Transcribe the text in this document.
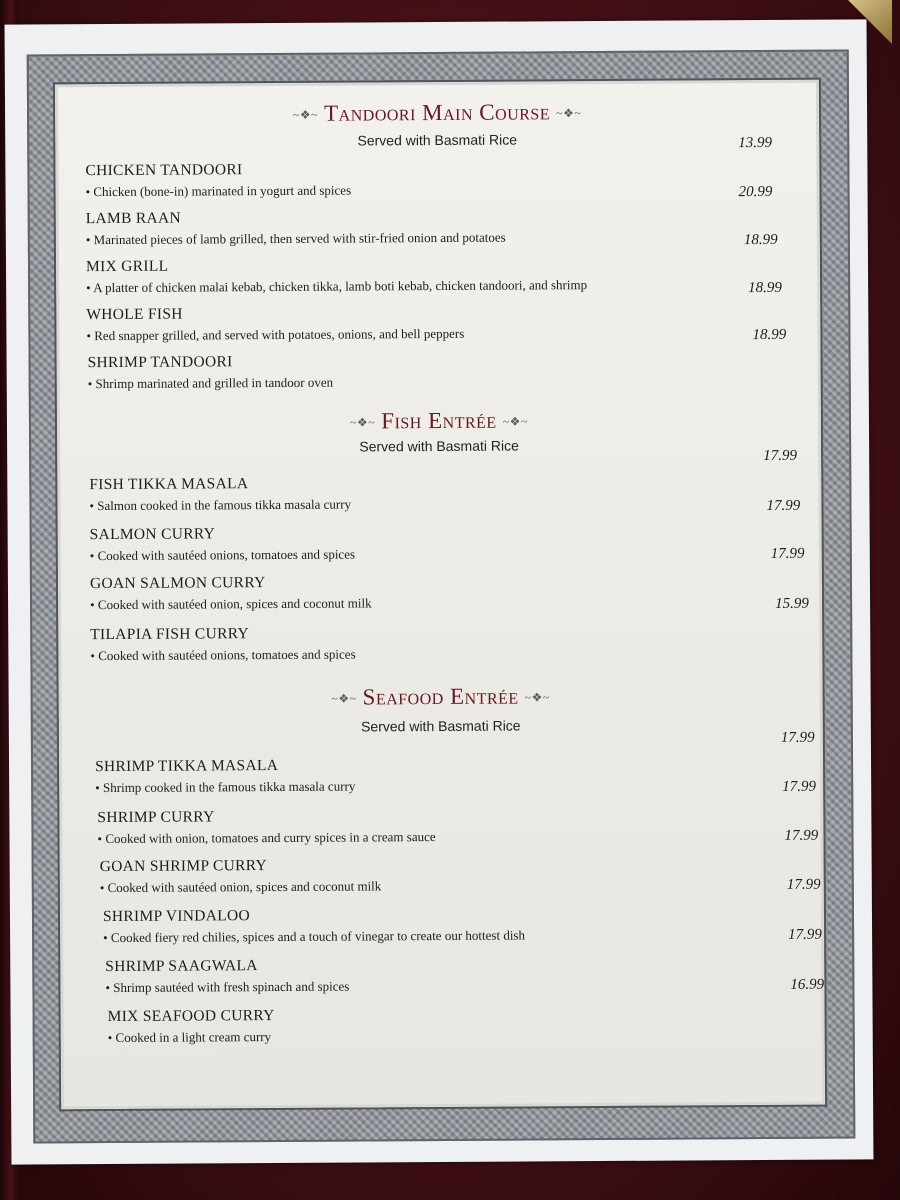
~❖~ Tandoori Main Course ~❖~
Served with Basmati Rice
CHICKEN TANDOORI
• Chicken (bone-in) marinated in yogurt and spices
13.99
LAMB RAAN
• Marinated pieces of lamb grilled, then served with stir-fried onion and potatoes
20.99
MIX GRILL
• A platter of chicken malai kebab, chicken tikka, lamb boti kebab, chicken tandoori, and shrimp
18.99
WHOLE FISH
• Red snapper grilled, and served with potatoes, onions, and bell peppers
18.99
SHRIMP TANDOORI
• Shrimp marinated and grilled in tandoor oven
18.99
~❖~ Fish Entrée ~❖~
Served with Basmati Rice
FISH TIKKA MASALA
• Salmon cooked in the famous tikka masala curry
17.99
SALMON CURRY
• Cooked with sautéed onions, tomatoes and spices
17.99
GOAN SALMON CURRY
• Cooked with sautéed onion, spices and coconut milk
17.99
TILAPIA FISH CURRY
• Cooked with sautéed onions, tomatoes and spices
15.99
~❖~ Seafood Entrée ~❖~
Served with Basmati Rice
SHRIMP TIKKA MASALA
• Shrimp cooked in the famous tikka masala curry
17.99
SHRIMP CURRY
• Cooked with onion, tomatoes and curry spices in a cream sauce
17.99
GOAN SHRIMP CURRY
• Cooked with sautéed onion, spices and coconut milk
17.99
SHRIMP VINDALOO
• Cooked fiery red chilies, spices and a touch of vinegar to create our hottest dish
17.99
SHRIMP SAAGWALA
• Shrimp sautéed with fresh spinach and spices
17.99
MIX SEAFOOD CURRY
• Cooked in a light cream curry
16.99
